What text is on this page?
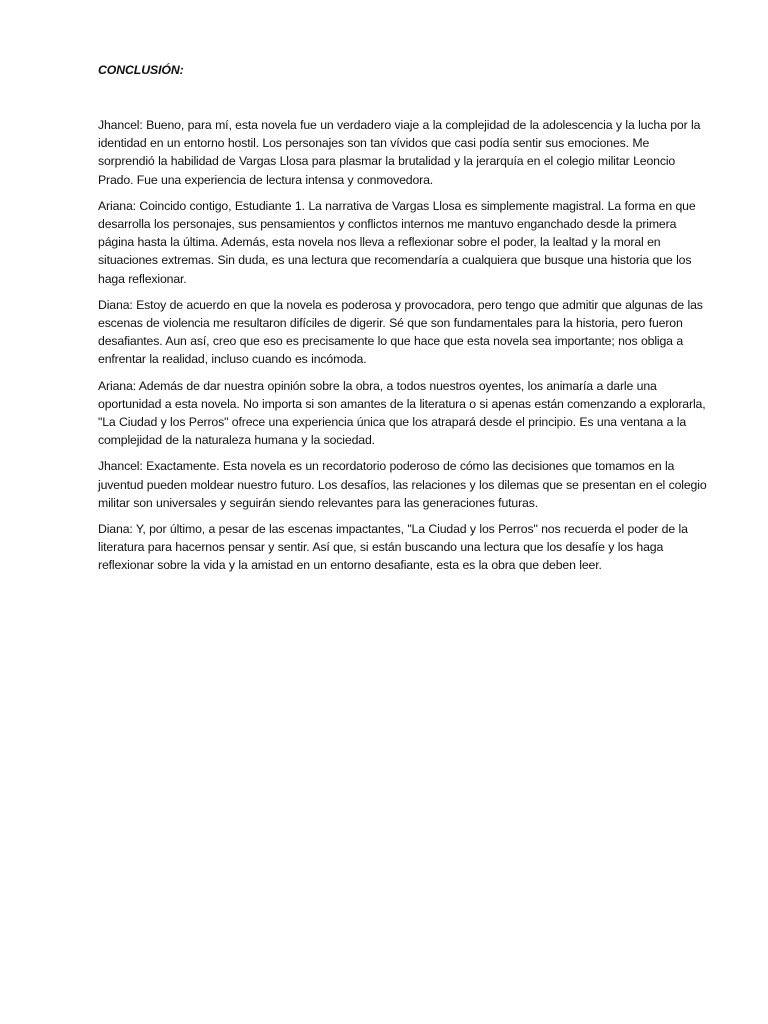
CONCLUSIÓN:

Jhancel: Bueno, para mí, esta novela fue un verdadero viaje a la complejidad de la adolescencia y la lucha por la identidad en un entorno hostil. Los personajes son tan vívidos que casi podía sentir sus emociones. Me sorprendió la habilidad de Vargas Llosa para plasmar la brutalidad y la jerarquía en el colegio militar Leoncio Prado. Fue una experiencia de lectura intensa y conmovedora.

Ariana: Coincido contigo, Estudiante 1. La narrativa de Vargas Llosa es simplemente magistral. La forma en que desarrolla los personajes, sus pensamientos y conflictos internos me mantuvo enganchado desde la primera página hasta la última. Además, esta novela nos lleva a reflexionar sobre el poder, la lealtad y la moral en situaciones extremas. Sin duda, es una lectura que recomendaría a cualquiera que busque una historia que los haga reflexionar.

Diana: Estoy de acuerdo en que la novela es poderosa y provocadora, pero tengo que admitir que algunas de las escenas de violencia me resultaron difíciles de digerir. Sé que son fundamentales para la historia, pero fueron desafiantes. Aun así, creo que eso es precisamente lo que hace que esta novela sea importante; nos obliga a enfrentar la realidad, incluso cuando es incómoda.

Ariana: Además de dar nuestra opinión sobre la obra, a todos nuestros oyentes, los animaría a darle una oportunidad a esta novela. No importa si son amantes de la literatura o si apenas están comenzando a explorarla, "La Ciudad y los Perros" ofrece una experiencia única que los atrapará desde el principio. Es una ventana a la complejidad de la naturaleza humana y la sociedad.

Jhancel: Exactamente. Esta novela es un recordatorio poderoso de cómo las decisiones que tomamos en la juventud pueden moldear nuestro futuro. Los desafíos, las relaciones y los dilemas que se presentan en el colegio militar son universales y seguirán siendo relevantes para las generaciones futuras.

Diana: Y, por último, a pesar de las escenas impactantes, "La Ciudad y los Perros" nos recuerda el poder de la literatura para hacernos pensar y sentir. Así que, si están buscando una lectura que los desafíe y los haga reflexionar sobre la vida y la amistad en un entorno desafiante, esta es la obra que deben leer.
